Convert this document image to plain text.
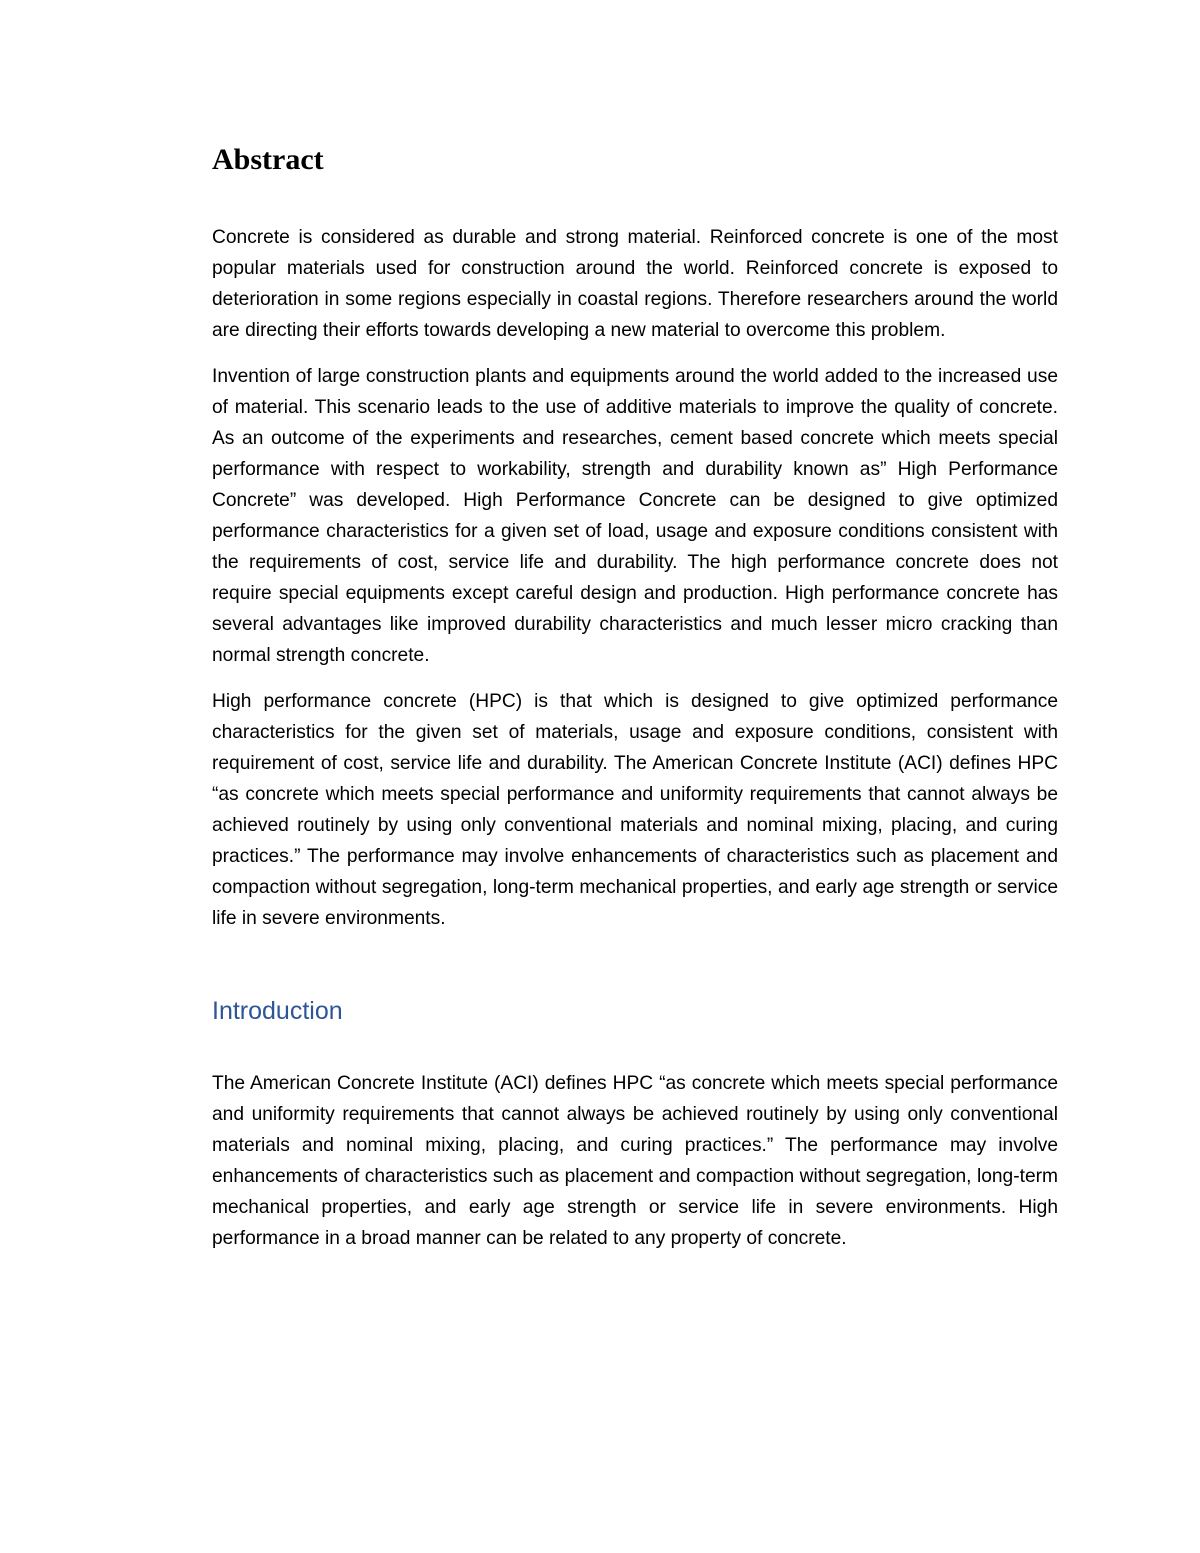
Abstract

Concrete is considered as durable and strong material. Reinforced concrete is one of the most popular materials used for construction around the world. Reinforced concrete is exposed to deterioration in some regions especially in coastal regions. Therefore researchers around the world are directing their efforts towards developing a new material to overcome this problem.

Invention of large construction plants and equipments around the world added to the increased use of material. This scenario leads to the use of additive materials to improve the quality of concrete. As an outcome of the experiments and researches, cement based concrete which meets special performance with respect to workability, strength and durability known as” High Performance Concrete” was developed. High Performance Concrete can be designed to give optimized performance characteristics for a given set of load, usage and exposure conditions consistent with the requirements of cost, service life and durability. The high performance concrete does not require special equipments except careful design and production. High performance concrete has several advantages like improved durability characteristics and much lesser micro cracking than normal strength concrete.

High performance concrete (HPC) is that which is designed to give optimized performance characteristics for the given set of materials, usage and exposure conditions, consistent with requirement of cost, service life and durability. The American Concrete Institute (ACI) defines HPC “as concrete which meets special performance and uniformity requirements that cannot always be achieved routinely by using only conventional materials and nominal mixing, placing, and curing practices.” The performance may involve enhancements of characteristics such as placement and compaction without segregation, long-term mechanical properties, and early age strength or service life in severe environments.

Introduction

The American Concrete Institute (ACI) defines HPC “as concrete which meets special performance and uniformity requirements that cannot always be achieved routinely by using only conventional materials and nominal mixing, placing, and curing practices.” The performance may involve enhancements of characteristics such as placement and compaction without segregation, long-term mechanical properties, and early age strength or service life in severe environments. High performance in a broad manner can be related to any property of concrete.
